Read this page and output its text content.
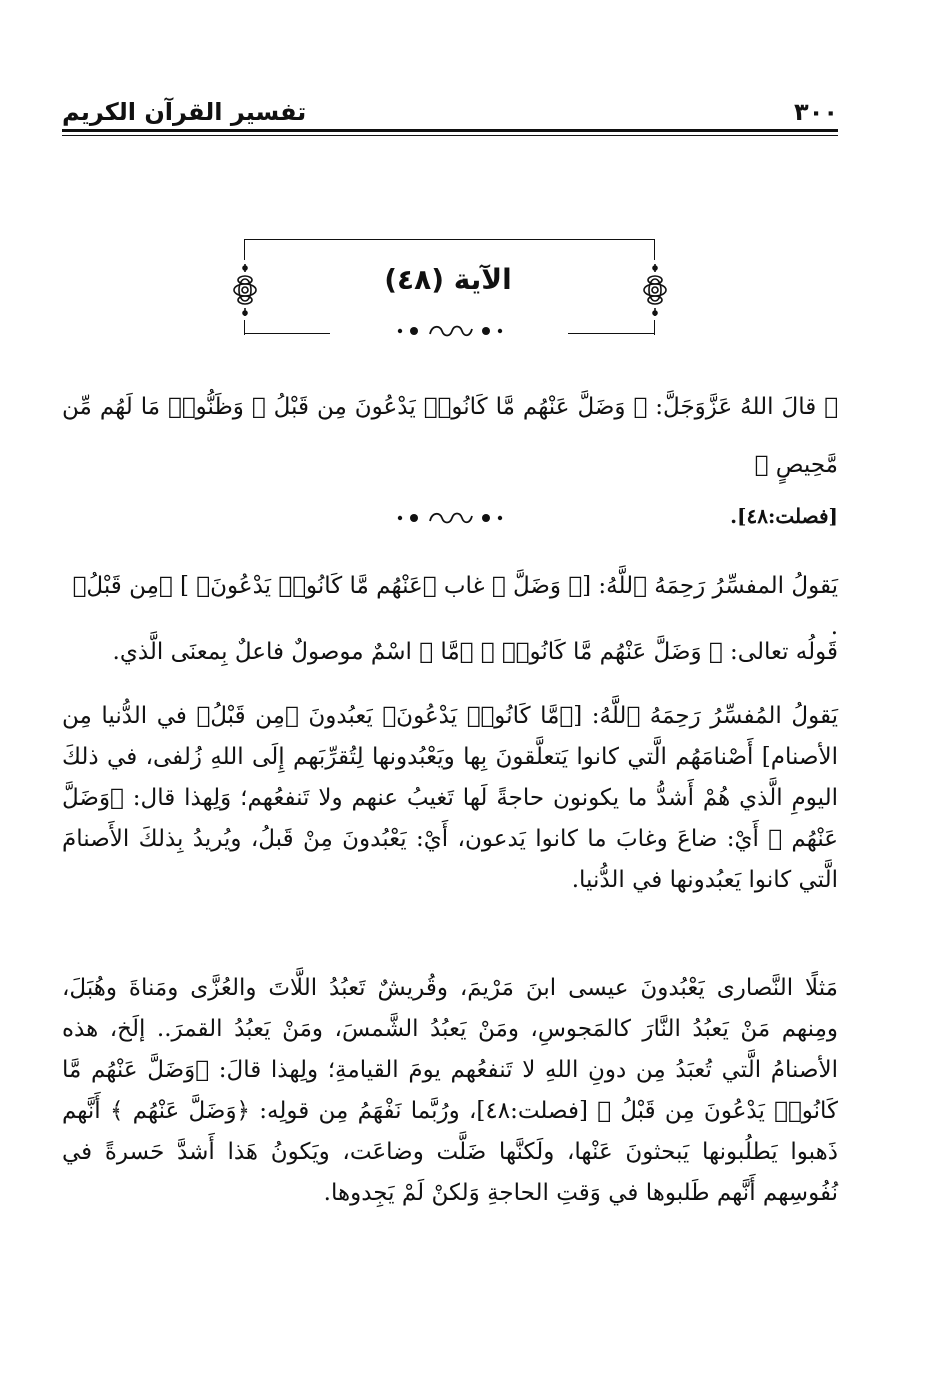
٣٠٠
تفسير القرآن الكريم
الآية (٤٨)
﴿ قالَ اللهُ عَزَّوَجَلَّ: ﴿ وَضَلَّ عَنْهُم مَّا كَانُوا۟ يَدْعُونَ مِن قَبْلُ ۖ وَظَنُّوا۟ مَا لَهُم مِّن مَّحِيصٍ ﴾
[فصلت:٤٨].

يَقولُ المفسِّرُ رَحِمَهُ ٱللَّهُ: [﴿ وَضَلَّ ﴾ غاب ﴿عَنْهُم مَّا كَانُوا۟ يَدْعُونَ﴾ ] ﴿مِن قَبْلُ﴾ .

قَولُه تعالى: ﴿ وَضَلَّ عَنْهُم مَّا كَانُوا۟ ﴾ ﴿مَّا ﴾ اسْمٌ موصولٌ فاعلٌ بِمعنَى الَّذي.

يَقولُ المُفسِّرُ رَحِمَهُ ٱللَّهُ: [﴿مَّا كَانُوا۟ يَدْعُونَ﴾ يَعبُدونَ ﴿مِن قَبْلُ﴾ في الدُّنيا مِن الأصنام] أَصْنامَهُم الَّتي كانوا يَتعلَّقونَ بِها ويَعْبُدونها لِتُقرِّبَهم إِلَى اللهِ زُلفى، في ذلكَ اليومِ الَّذي هُمْ أَشدُّ ما يكونون حاجةً لَها تَغيبُ عنهم ولا تَنفعُهم؛ وَلِهذا قال: ﴿وَضَلَّ عَنْهُم ﴾ أَيْ: ضاعَ وغابَ ما كانوا يَدعون، أَيْ: يَعْبُدونَ مِنْ قَبلُ، ويُريدُ بِذلكَ الأَصنامَ الَّتي كانوا يَعبُدونها في الدُّنيا.

مَثلًا النَّصارى يَعْبُدونَ عيسى ابنَ مَرْيمَ، وقُريشٌ تَعبُدُ اللَّاتَ والعُزَّى ومَناةَ وهُبَلَ، ومِنهم مَنْ يَعبُدُ النَّارَ كالمَجوسِ، ومَنْ يَعبُدُ الشَّمسَ، ومَنْ يَعبُدُ القمرَ.. إلَخ، هذه الأصنامُ الَّتي تُعبَدُ مِن دونِ اللهِ لا تَنفعُهم يومَ القيامةِ؛ ولِهذا قالَ: ﴿وَضَلَّ عَنْهُم مَّا كَانُوا۟ يَدْعُونَ مِن قَبْلُ ﴾ [فصلت:٤٨]، ورُبَّما نَفْهَمُ مِن قولِه: ﴿وَضَلَّ عَنْهُم ﴾ أَنَّهم ذَهبوا يَطلُبونها يَبحثونَ عَنْها، ولَكنَّها ضَلَّت وضاعَت، ويَكونُ هَذا أَشدَّ حَسرةً في نُفُوسِهم أَنَّهم طَلبوها في وَقتِ الحاجةِ وَلكنْ لَمْ يَجِدوها.
